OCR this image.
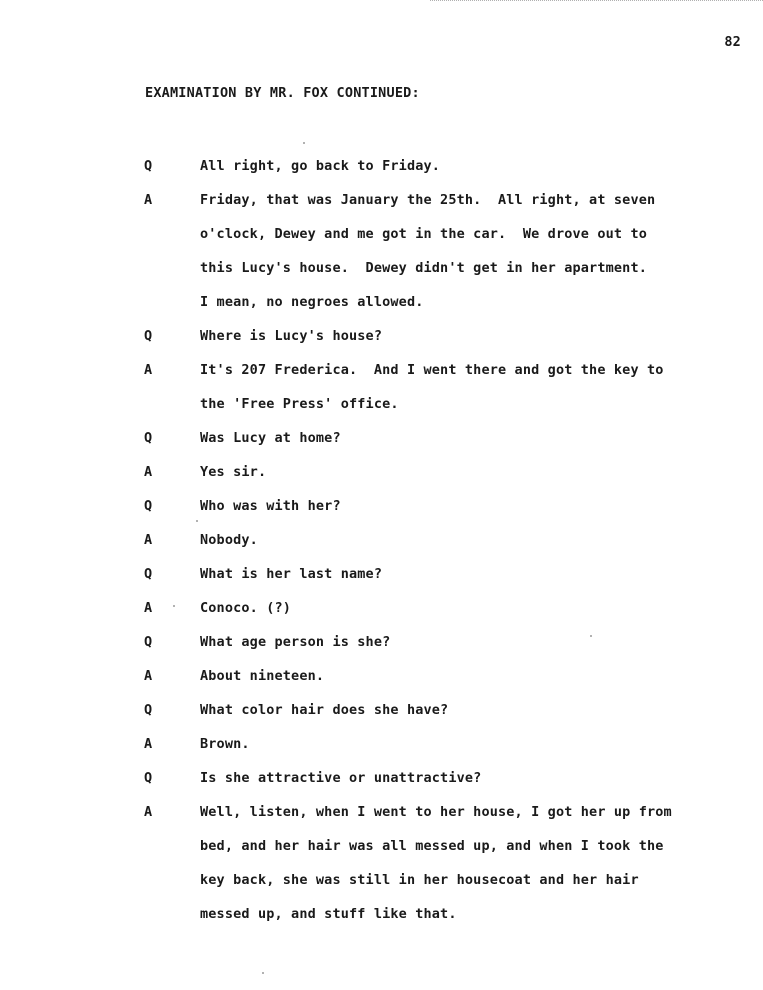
82
EXAMINATION BY MR. FOX CONTINUED:
Q	All right, go back to Friday.
A	Friday, that was January the 25th.  All right, at seven
o'clock, Dewey and me got in the car.  We drove out to
this Lucy's house.  Dewey didn't get in her apartment.
I mean, no negroes allowed.
Q	Where is Lucy's house?
A	It's 207 Frederica.  And I went there and got the key to
the 'Free Press' office.
Q	Was Lucy at home?
A	Yes sir.
Q	Who was with her?
A	Nobody.
Q	What is her last name?
A	Conoco. (?)
Q	What age person is she?
A	About nineteen.
Q	What color hair does she have?
A	Brown.
Q	Is she attractive or unattractive?
A	Well, listen, when I went to her house, I got her up from
bed, and her hair was all messed up, and when I took the
key back, she was still in her housecoat and her hair
messed up, and stuff like that.
